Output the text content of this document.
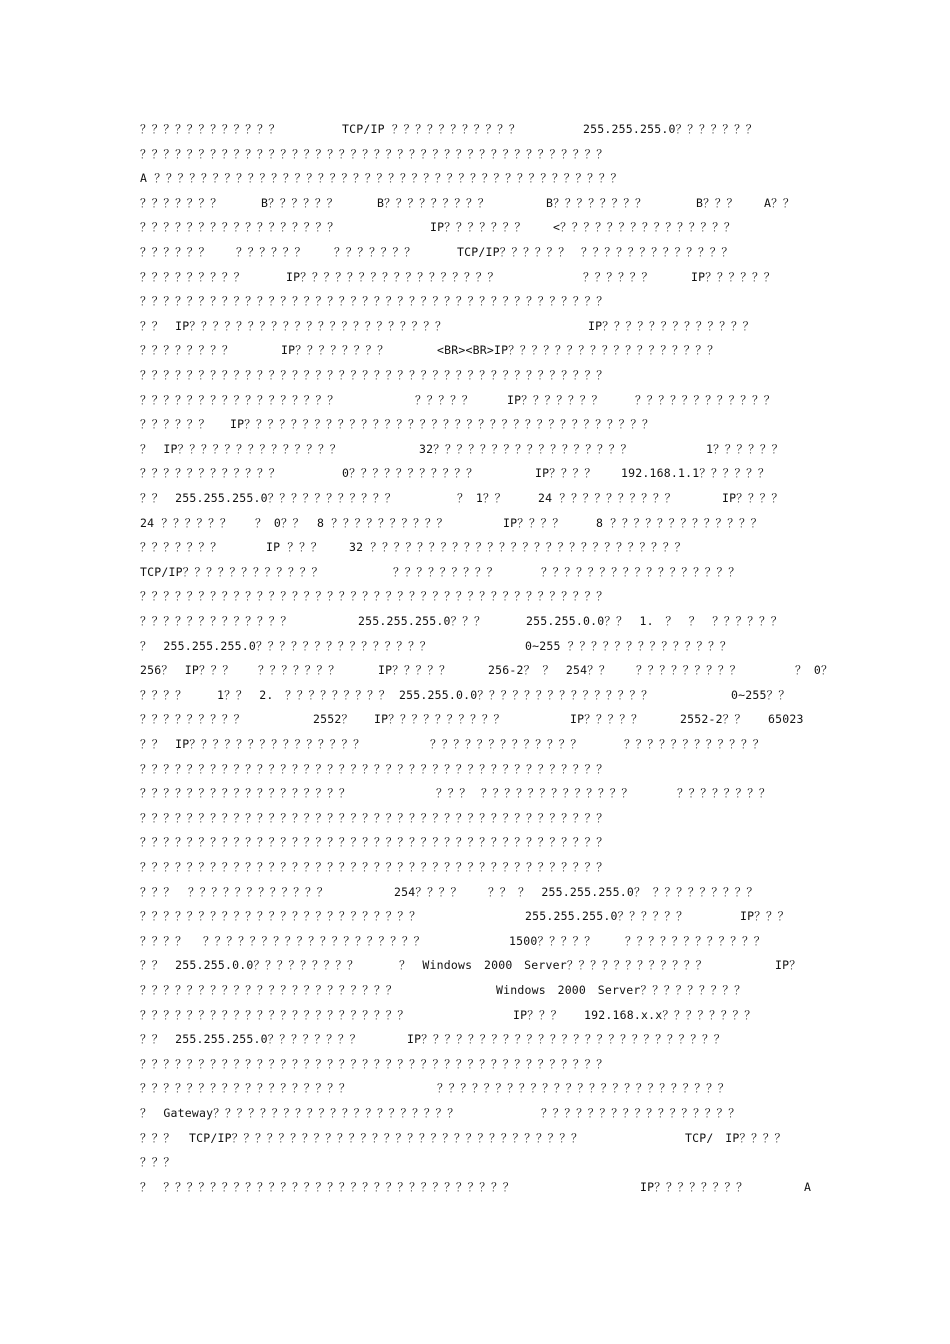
？？？？？？？？？？？？	TCP/IP ？？？？？？？？？？？	255.255.255.0？？？？？？？
？？？？？？？？？？？？？？？？？？？？？？？？？？？？？？？？？？？？？？？？
A ？？？？？？？？？？？？？？？？？？？？？？？？？？？？？？？？？？？？？？？？
？？？？？？？	B？？？？？？	B？？？？？？？？？	B？？？？？？？？	B？？？ A？？
？？？？？？？？？？？？？？？？？	IP？？？？？？？ <？？？？？？？？？？？？？？？
？？？？？？ ？？？？？？ ？？？？？？？	TCP/IP？？？？？？ ？？？？？？？？？？？？？
？？？？？？？？？	IP？？？？？？？？？？？？？？？？？	？？？？？？	IP？？？？？？
？？？？？？？？？？？？？？？？？？？？？？？？？？？？？？？？？？？？？？？？
？？　IP？？？？？？？？？？？？？？？？？？？？？？	IP？？？？？？？？？？？？？
？？？？？？？？	IP？？？？？？？？	<BR><BR>IP？？？？？？？？？？？？？？？？？？
？？？？？？？？？？？？？？？？？？？？？？？？？？？？？？？？？？？？？？？？
？？？？？？？？？？？？？？？？？	？？？？？	IP？？？？？？？	？？？？？？？？？？？？
？？？？？？ IP？？？？？？？？？？？？？？？？？？？？？？？？？？？？？？？？？？？
？　IP？？？？？？？？？？？？？？	32？？？？？？？？？？？？？？？？？	1？？？？？？
？？？？？？？？？？？？	0？？？？？？？？？？？	IP？？？？ 192.168.1.1？？？？？？
？？　255.255.255.0？？？？？？？？？？？	？ 1？？	24 ？？？？？？？？？？	IP？？？？
24 ？？？？？？ ？ 0？？ 8 ？？？？？？？？？？	IP？？？？	8 ？？？？？？？？？？？？？
？？？？？？？	IP ？？？ 32 ？？？？？？？？？？？？？？？？？？？？？？？？？？？
TCP/IP？？？？？？？？？？？？	？？？？？？？？？	？？？？？？？？？？？？？？？？？
？？？？？？？？？？？？？？？？？？？？？？？？？？？？？？？？？？？？？？？？
？？？？？？？？？？？？？	255.255.255.0？？？	255.255.0.0？？　1.　？　？　？？？？？？
？　255.255.255.0？？？？？？？？？？？？？？？	0~255 ？？？？？？？？？？？？？？
256？　IP？？？ ？？？？？？？	IP？？？？？	256-2？ ？　254？？ ？？？？？？？？？	？ 0？
？？？？	1？？　2.　？？？？？？？？？ 255.255.0.0？？？？？？？？？？？？？？？	0~255？？
？？？？？？？？？	2552？ IP？？？？？？？？？？	IP？？？？？	2552-2？？ 65023
？？　IP？？？？？？？？？？？？？？？	？？？？？？？？？？？？？	？？？？？？？？？？？？
？？？？？？？？？？？？？？？？？？？？？？？？？？？？？？？？？？？？？？？？
？？？？？？？？？？？？？？？？？？	？？？ ？？？？？？？？？？？？？	？？？？？？？？
？？？？？？？？？？？？？？？？？？？？？？？？？？？？？？？？？？？？？？？？
？？？？？？？？？？？？？？？？？？？？？？？？？？？？？？？？？？？？？？？？
？？？？？？？？？？？？？？？？？？？？？？？？？？？？？？？？？？？？？？？？
？？？ ？？？？？？？？？？？？	254？？？？ ？？ ？　255.255.255.0？ ？？？？？？？？？
？？？？？？？？？？？？？？？？？？？？？？？？	255.255.255.0？？？？？？	IP？？？
？？？？ ？？？？？？？？？？？？？？？？？？？	1500？？？？？	？？？？？？？？？？？？
？？　255.255.0.0？？？？？？？？？	？　Windows　2000　Server？？？？？？？？？？？？	IP？
？？？？？？？？？？？？？？？？？？？？？？	Windows　2000　Server？？？？？？？？？
？？？？？？？？？？？？？？？？？？？？？？？	IP？？？ 192.168.x.x？？？？？？？？
？？　255.255.255.0？？？？？？？？	IP？？？？？？？？？？？？？？？？？？？？？？？？？？
？？？？？？？？？？？？？？？？？？？？？？？？？？？？？？？？？？？？？？？？
？？？？？？？？？？？？？？？？？？	？？？？？？？？？？？？？？？？？？？？？？？？？
？　Gateway？？？？？？？？？？？？？？？？？？？？？	？？？？？？？？？？？？？？？？？
？？？ TCP/IP？？？？？？？？？？？？？？？？？？？？？？？？？？？？？？	TCP/　IP？？？？
？？？
？　？？？？？？？？？？？？？？？？？？？？？？？？？？？？？？	IP？？？？？？？？	A
